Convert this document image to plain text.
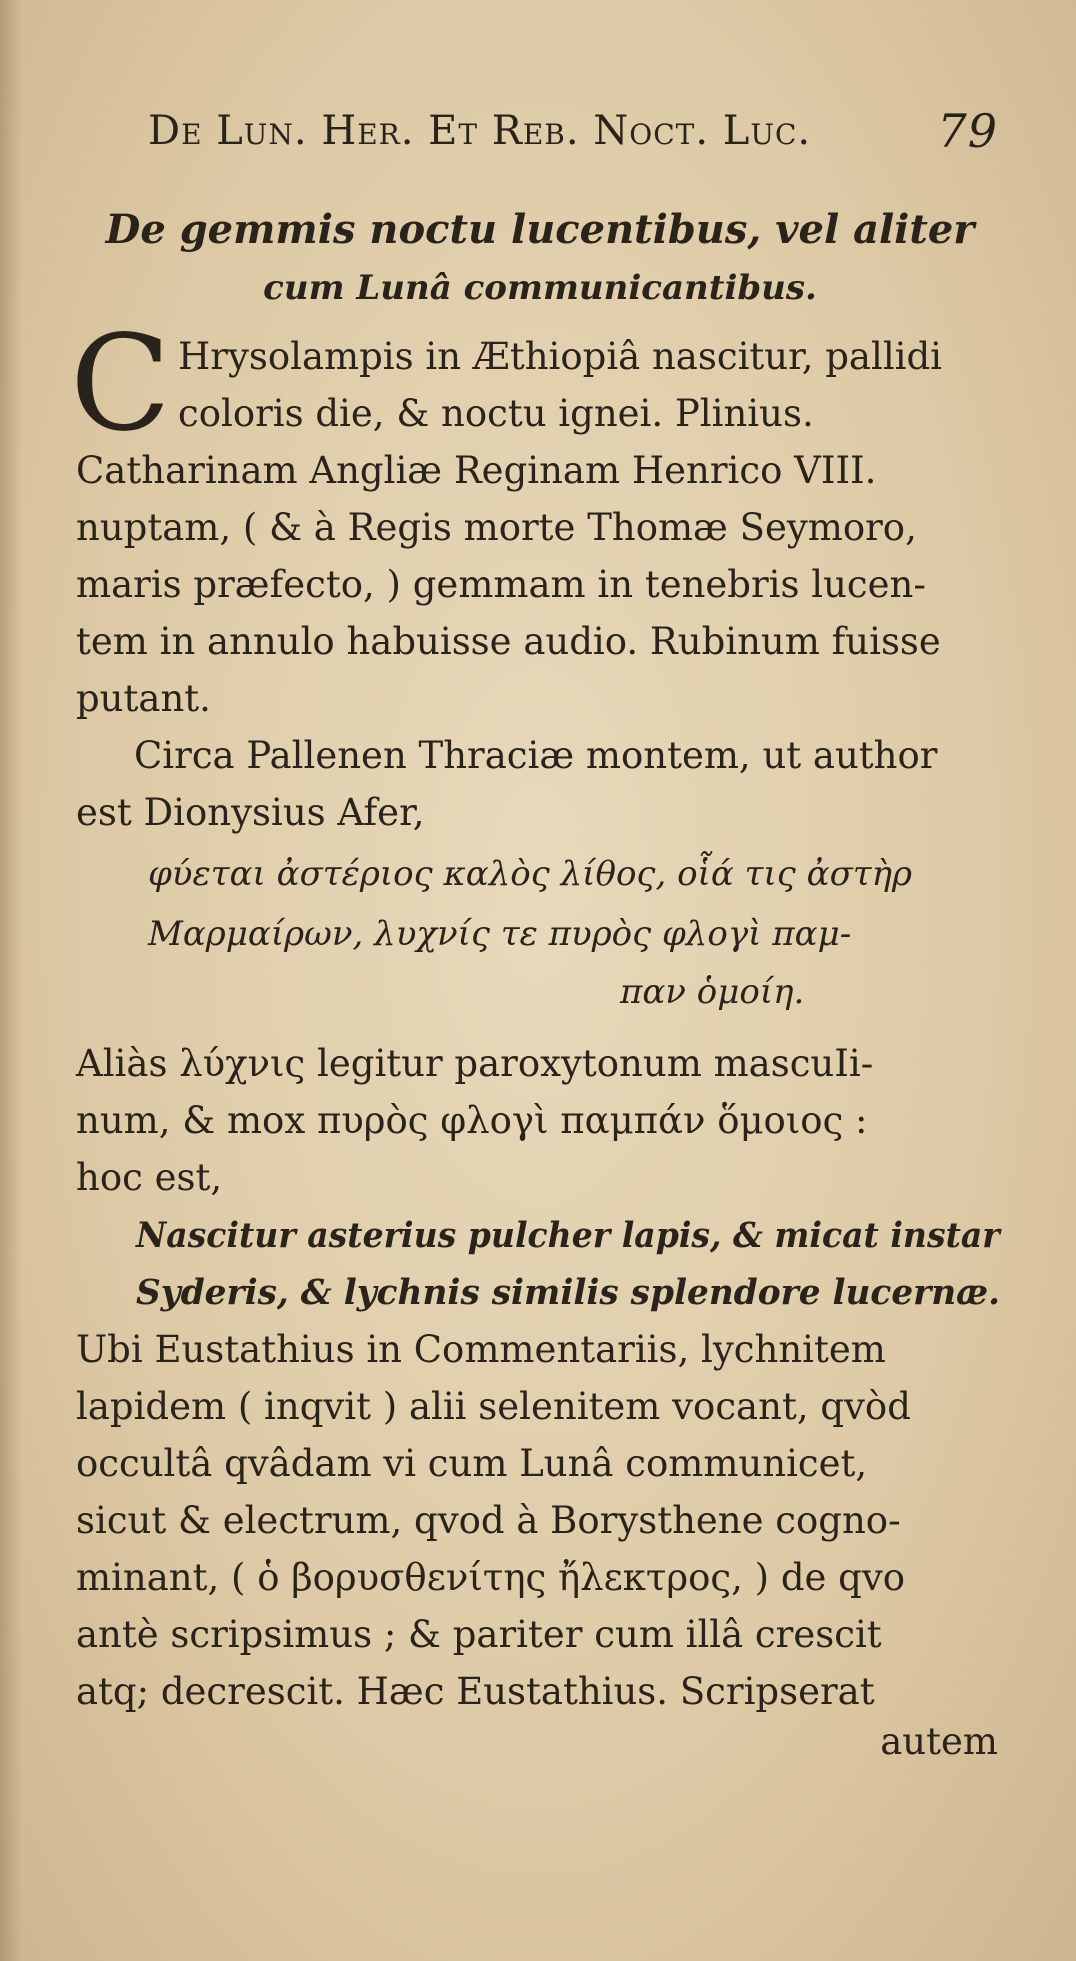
De Lun. Her. Et Reb. Noct. Luc.	79
De gemmis noctu lucentibus, vel aliter
cum Lunâ communicantibus.
C Hrysolampis in Æthiopiâ nascitur, pallidi
coloris die, & noctu ignei. Plinius.
Catharinam Angliæ Reginam Henrico VIII.
nuptam, ( & à Regis morte Thomæ Seymoro,
maris præfecto, ) gemmam in tenebris lucen-
tem in annulo habuisse audio. Rubinum fuisse
putant.
Circa Pallenen Thraciæ montem, ut author
est Dionysius Afer,
φύεται ἀστέριος καλὸς λίθος, οἷά τις ἀστὴρ
Μαρμαίρων, λυχνίς τε πυρὸς φλογὶ παμ-
παν ὁμοίη.
Aliàs λύχνις legitur paroxytonum mascuIi-
num, & mox πυρὸς φλογὶ παμπάν ὅμοιος :
hoc est,
Nascitur asterius pulcher lapis, & micat instar
Syderis, & lychnis similis splendore lucernæ.
Ubi Eustathius in Commentariis, lychnitem
lapidem ( inqvit ) alii selenitem vocant, qvòd
occultâ qvâdam vi cum Lunâ communicet,
sicut & electrum, qvod à Borysthene cogno-
minant, ( ὁ βορυσθενίτης ἤλεκτρος, ) de qvo
antè scripsimus ; & pariter cum illâ crescit
atq; decrescit. Hæc Eustathius. Scripserat
autem
